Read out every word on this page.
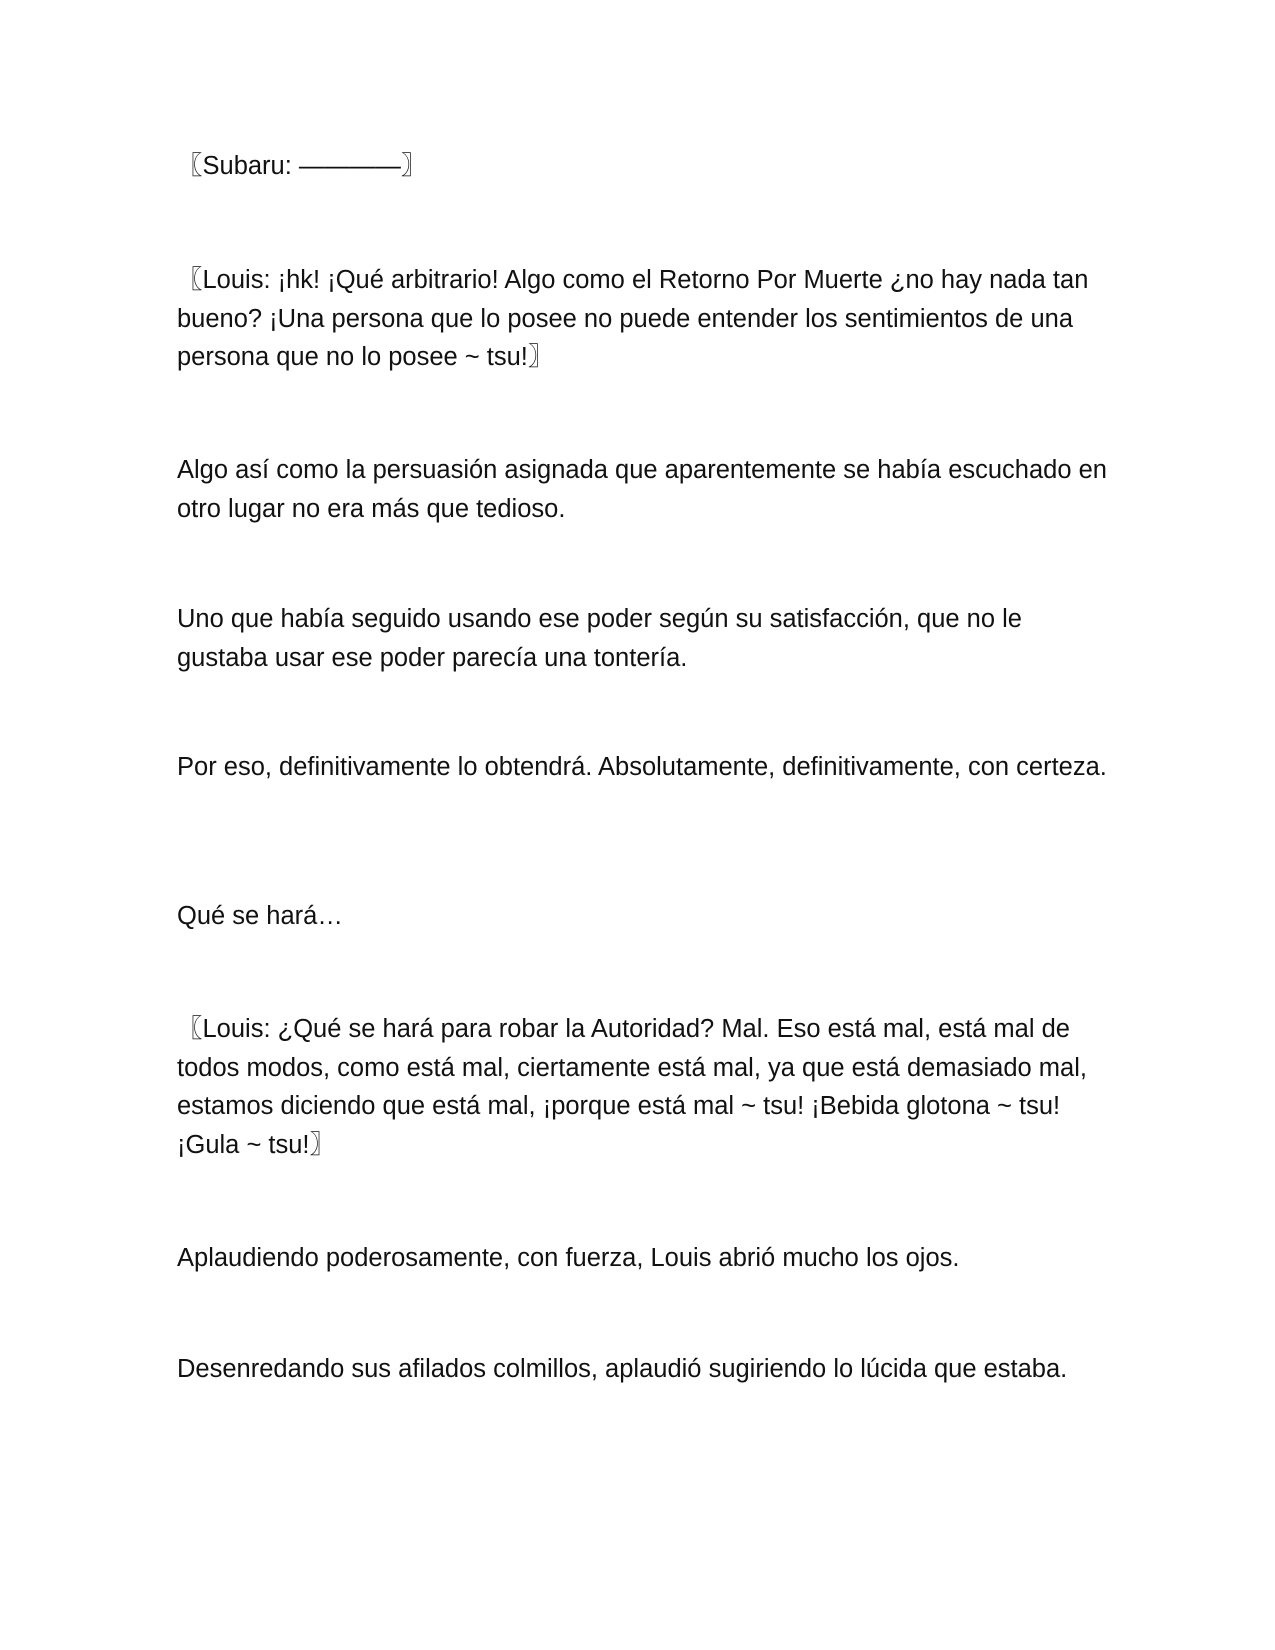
〖Subaru: ————〗

〖Louis: ¡hk! ¡Qué arbitrario! Algo como el Retorno Por Muerte ¿no hay nada tan bueno? ¡Una persona que lo posee no puede entender los sentimientos de una persona que no lo posee ~ tsu!〗

Algo así como la persuasión asignada que aparentemente se había escuchado en otro lugar no era más que tedioso.

Uno que había seguido usando ese poder según su satisfacción, que no le gustaba usar ese poder parecía una tontería.

Por eso, definitivamente lo obtendrá. Absolutamente, definitivamente, con certeza.

Qué se hará…

〖Louis: ¿Qué se hará para robar la Autoridad? Mal. Eso está mal, está mal de todos modos, como está mal, ciertamente está mal, ya que está demasiado mal, estamos diciendo que está mal, ¡porque está mal ~ tsu! ¡Bebida glotona ~ tsu! ¡Gula ~ tsu!〗

Aplaudiendo poderosamente, con fuerza, Louis abrió mucho los ojos.

Desenredando sus afilados colmillos, aplaudió sugiriendo lo lúcida que estaba.
